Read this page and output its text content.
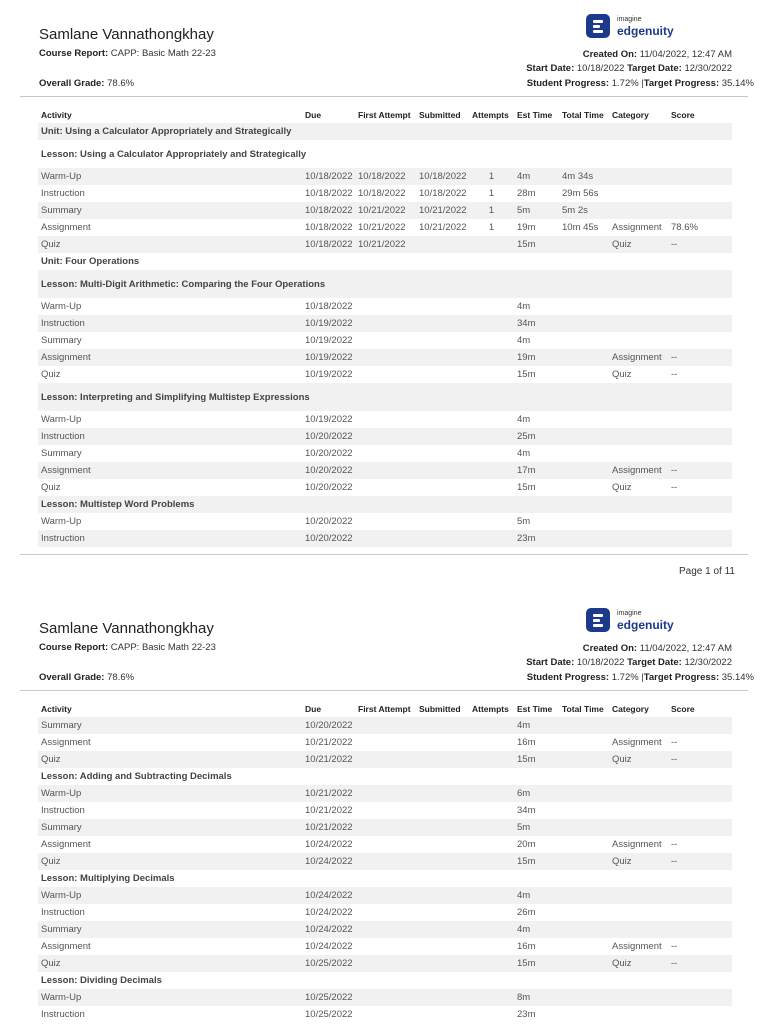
Samlane Vannathongkhay
Course Report: CAPP: Basic Math 22-23
Overall Grade: 78.6%
imagine
edgenuity
Created On: 11/04/2022, 12:47 AM
Start Date: 10/18/2022 Target Date: 12/30/2022
Student Progress: 1.72% |Target Progress: 35.14%
Activity	Due	First Attempt	Submitted	Attempts	Est Time	Total Time	Category	Score
Unit: Using a Calculator Appropriately and Strategically								
Lesson: Using a Calculator Appropriately and Strategically								
Warm-Up	10/18/2022	10/18/2022	10/18/2022	1	4m	4m 34s		
Instruction	10/18/2022	10/18/2022	10/18/2022	1	28m	29m 56s		
Summary	10/18/2022	10/21/2022	10/21/2022	1	5m	5m 2s		
Assignment	10/18/2022	10/21/2022	10/21/2022	1	19m	10m 45s	Assignment	78.6%
Quiz	10/18/2022	10/21/2022			15m		Quiz	--
Unit: Four Operations								
Lesson: Multi-Digit Arithmetic: Comparing the Four Operations								
Warm-Up	10/18/2022				4m			
Instruction	10/19/2022				34m			
Summary	10/19/2022				4m			
Assignment	10/19/2022				19m		Assignment	--
Quiz	10/19/2022				15m		Quiz	--
Lesson: Interpreting and Simplifying Multistep Expressions								
Warm-Up	10/19/2022				4m			
Instruction	10/20/2022				25m			
Summary	10/20/2022				4m			
Assignment	10/20/2022				17m		Assignment	--
Quiz	10/20/2022				15m		Quiz	--
Lesson: Multistep Word Problems								
Warm-Up	10/20/2022				5m			
Instruction	10/20/2022				23m			
Page 1 of 11
Samlane Vannathongkhay
Course Report: CAPP: Basic Math 22-23
Overall Grade: 78.6%
imagine
edgenuity
Created On: 11/04/2022, 12:47 AM
Start Date: 10/18/2022 Target Date: 12/30/2022
Student Progress: 1.72% |Target Progress: 35.14%
Activity	Due	First Attempt	Submitted	Attempts	Est Time	Total Time	Category	Score
Summary	10/20/2022				4m			
Assignment	10/21/2022				16m		Assignment	--
Quiz	10/21/2022				15m		Quiz	--
Lesson: Adding and Subtracting Decimals								
Warm-Up	10/21/2022				6m			
Instruction	10/21/2022				34m			
Summary	10/21/2022				5m			
Assignment	10/24/2022				20m		Assignment	--
Quiz	10/24/2022				15m		Quiz	--
Lesson: Multiplying Decimals								
Warm-Up	10/24/2022				4m			
Instruction	10/24/2022				26m			
Summary	10/24/2022				4m			
Assignment	10/24/2022				16m		Assignment	--
Quiz	10/25/2022				15m		Quiz	--
Lesson: Dividing Decimals								
Warm-Up	10/25/2022				8m			
Instruction	10/25/2022				23m			
